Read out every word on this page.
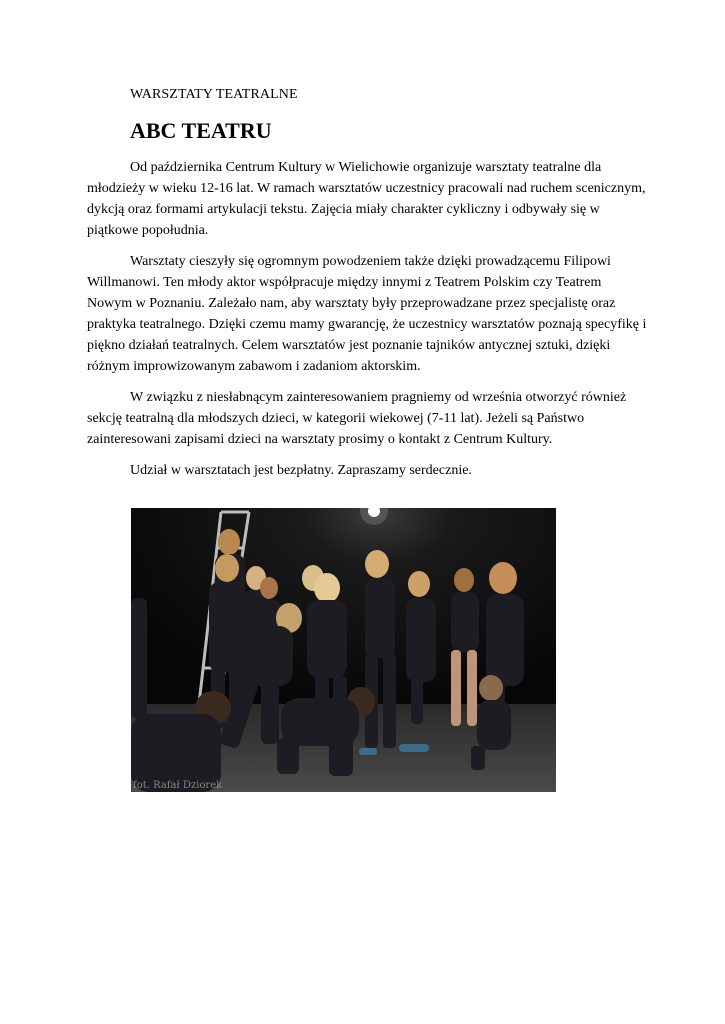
WARSZTATY TEATRALNE
ABC TEATRU

Od października Centrum Kultury w Wielichowie organizuje warsztaty teatralne dla młodzieży w wieku 12-16 lat. W ramach warsztatów uczestnicy pracowali nad ruchem scenicznym, dykcją oraz formami artykulacji tekstu. Zajęcia miały charakter cykliczny i odbywały się w piątkowe popołudnia.

Warsztaty cieszyły się ogromnym powodzeniem także dzięki prowadzącemu Filipowi Willmanowi. Ten młody aktor współpracuje między innymi z Teatrem Polskim czy Teatrem Nowym w Poznaniu. Zależało nam, aby warsztaty były przeprowadzane przez specjalistę oraz praktyka teatralnego. Dzięki czemu mamy gwarancję, że uczestnicy warsztatów poznają specyfikę i piękno działań teatralnych. Celem warsztatów jest poznanie tajników antycznej sztuki, dzięki różnym improwizowanym zabawom i zadaniom aktorskim.

W związku z niesłabnącym zainteresowaniem pragniemy od września otworzyć również sekcję teatralną dla młodszych dzieci, w kategorii wiekowej (7-11 lat). Jeżeli są Państwo zainteresowani zapisami dzieci na warsztaty prosimy o kontakt z Centrum Kultury.

Udział w warsztatach jest bezpłatny. Zapraszamy serdecznie.

fot. Rafał Dziorek
